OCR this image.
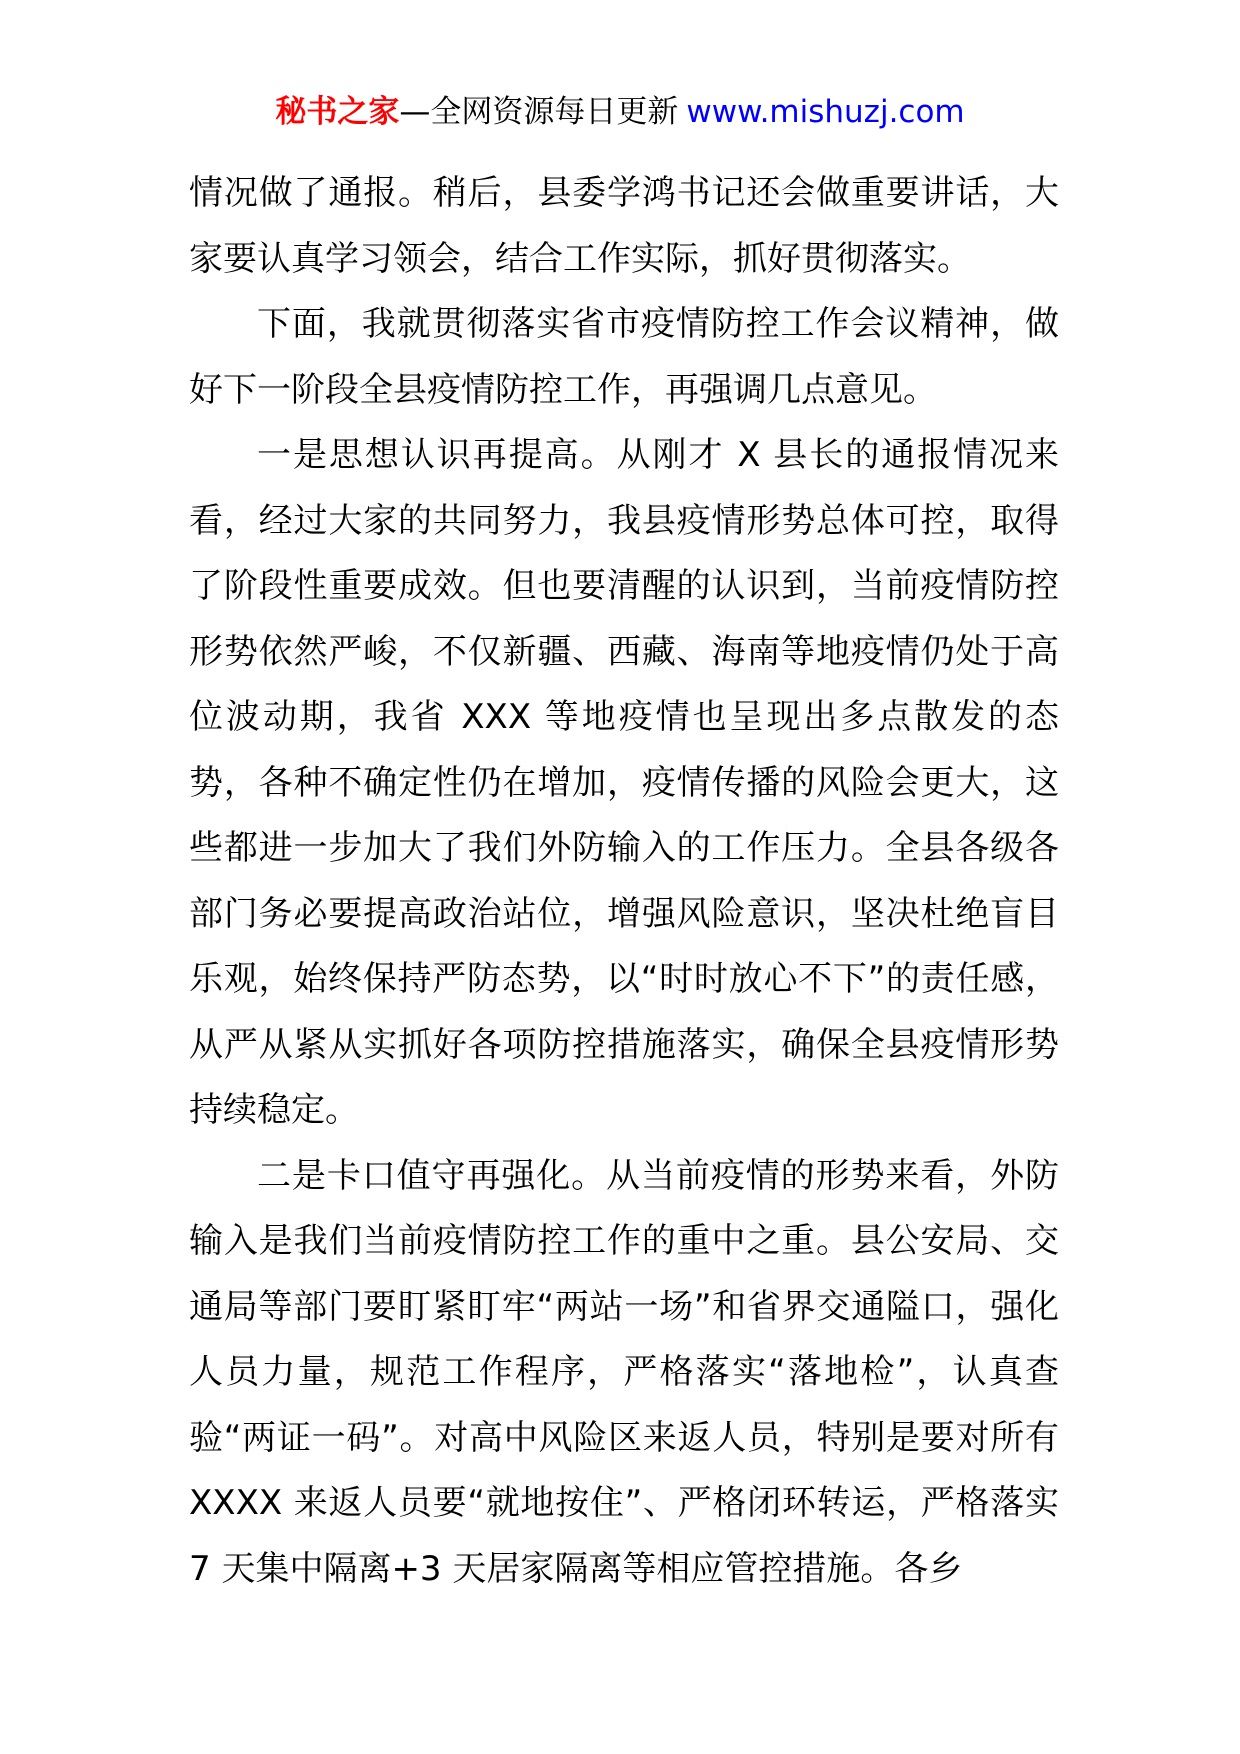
秘书之家—全网资源每日更新 www.mishuzj.com

情况做了通报。稍后，县委学鸿书记还会做重要讲话，大家要认真学习领会，结合工作实际，抓好贯彻落实。

下面，我就贯彻落实省市疫情防控工作会议精神，做好下一阶段全县疫情防控工作，再强调几点意见。

一是思想认识再提高。从刚才 X 县长的通报情况来看，经过大家的共同努力，我县疫情形势总体可控，取得了阶段性重要成效。但也要清醒的认识到，当前疫情防控形势依然严峻，不仅新疆、西藏、海南等地疫情仍处于高位波动期，我省 XXX 等地疫情也呈现出多点散发的态势，各种不确定性仍在增加，疫情传播的风险会更大，这些都进一步加大了我们外防输入的工作压力。全县各级各部门务必要提高政治站位，增强风险意识，坚决杜绝盲目乐观，始终保持严防态势，以“时时放心不下”的责任感，从严从紧从实抓好各项防控措施落实，确保全县疫情形势持续稳定。

二是卡口值守再强化。从当前疫情的形势来看，外防输入是我们当前疫情防控工作的重中之重。县公安局、交通局等部门要盯紧盯牢“两站一场”和省界交通隘口，强化人员力量，规范工作程序，严格落实“落地检”，认真查验“两证一码”。对高中风险区来返人员，特别是要对所有 XXXX 来返人员要“就地按住”、严格闭环转运，严格落实 7 天集中隔离+3 天居家隔离等相应管控措施。各乡
